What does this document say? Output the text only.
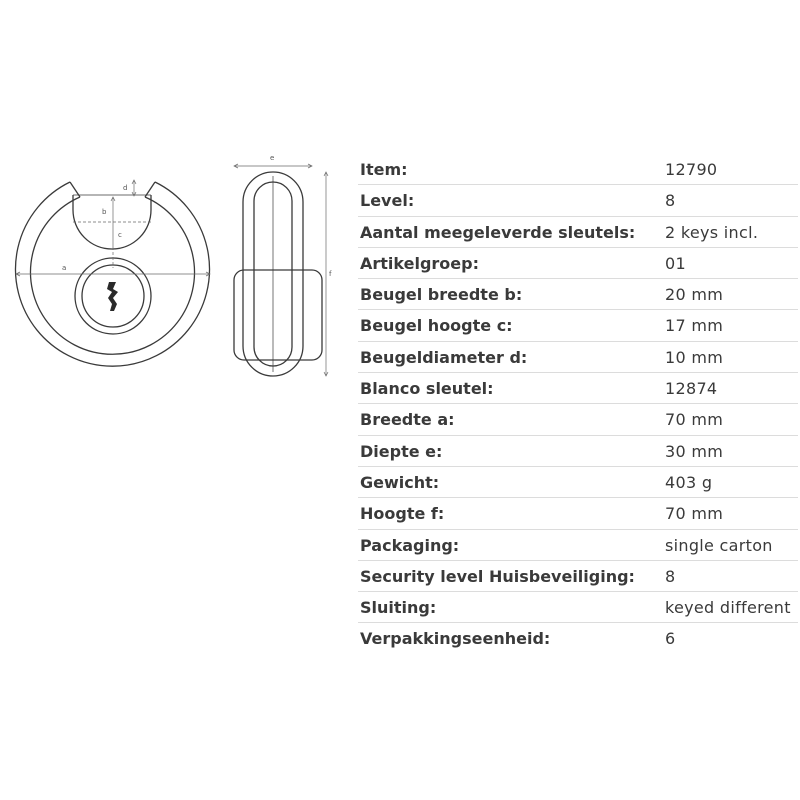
a
b
c
d
e
f
Item:	12790
Level:	8
Aantal meegeleverde sleutels: 2 keys incl.
Artikelgroep:	01
Beugel breedte b:	20 mm
Beugel hoogte c:	17 mm
Beugeldiameter d:	10 mm
Blanco sleutel:	12874
Breedte a:	70 mm
Diepte e:	30 mm
Gewicht:	403 g
Hoogte f:	70 mm
Packaging:	single carton
Security level Huisbeveiliging: 8
Sluiting:	keyed different
Verpakkingseenheid:	6
